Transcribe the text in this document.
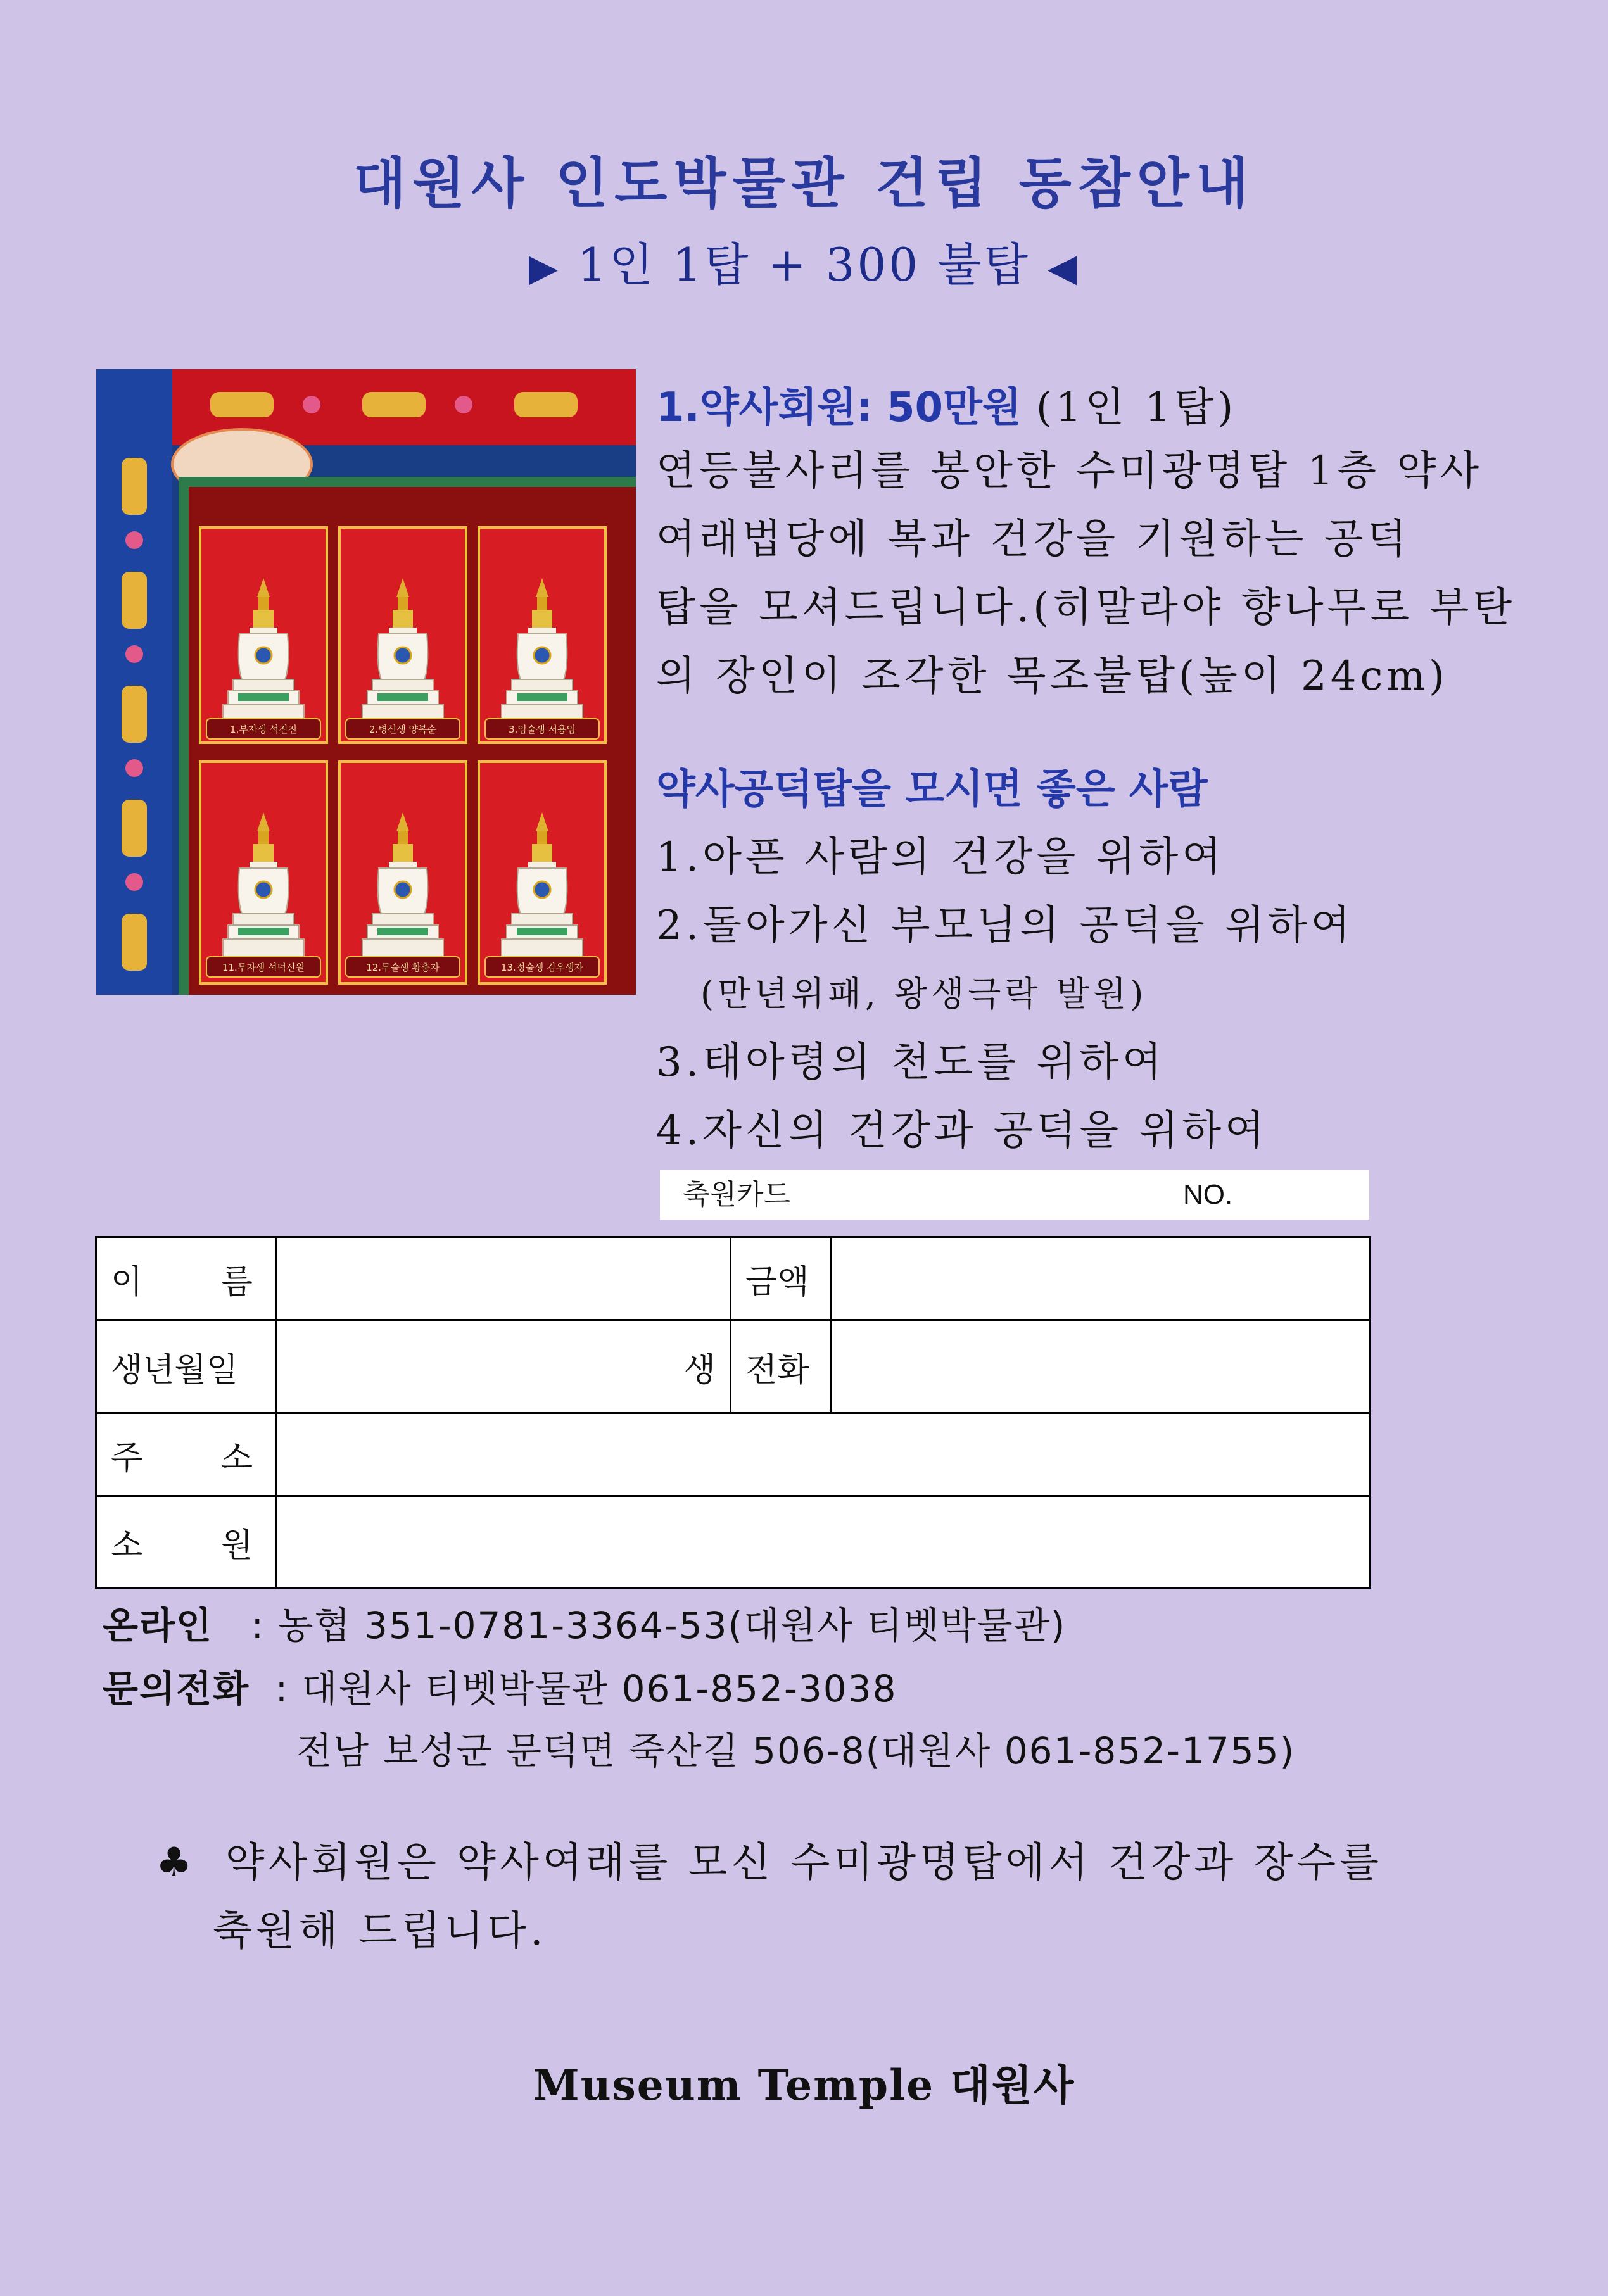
대원사 인도박물관 건립 동참안내
▶ 1인 1탑 + 300 불탑 ◀
1.부자생 석진진	2.병신생 양복순	3.임술생 서용임
11.무자생 석덕신원	12.무술생 황충자	13.정술생 김우생자
1.약사회원: 50만원 (1인 1탑)
연등불사리를 봉안한 수미광명탑 1층 약사
여래법당에 복과 건강을 기원하는 공덕
탑을 모셔드립니다.(히말라야 향나무로 부탄
의 장인이 조각한 목조불탑(높이 24cm)
약사공덕탑을 모시면 좋은 사람
1.아픈 사람의 건강을 위하여
2.돌아가신 부모님의 공덕을 위하여
(만년위패, 왕생극락 발원)
3.태아령의 천도를 위하여
4.자신의 건강과 공덕을 위하여
축원카드	NO.
이 름		금액	
생년월일	생	전화	

주 소			

소 원			

온라인 : 농협 351-0781-3364-53(대원사 티벳박물관)
문의전화 : 대원사 티벳박물관 061-852-3038
전남 보성군 문덕면 죽산길 506-8(대원사 061-852-1755)
♣ 약사회원은 약사여래를 모신 수미광명탑에서 건강과 장수를
축원해 드립니다.
Museum Temple 대원사
